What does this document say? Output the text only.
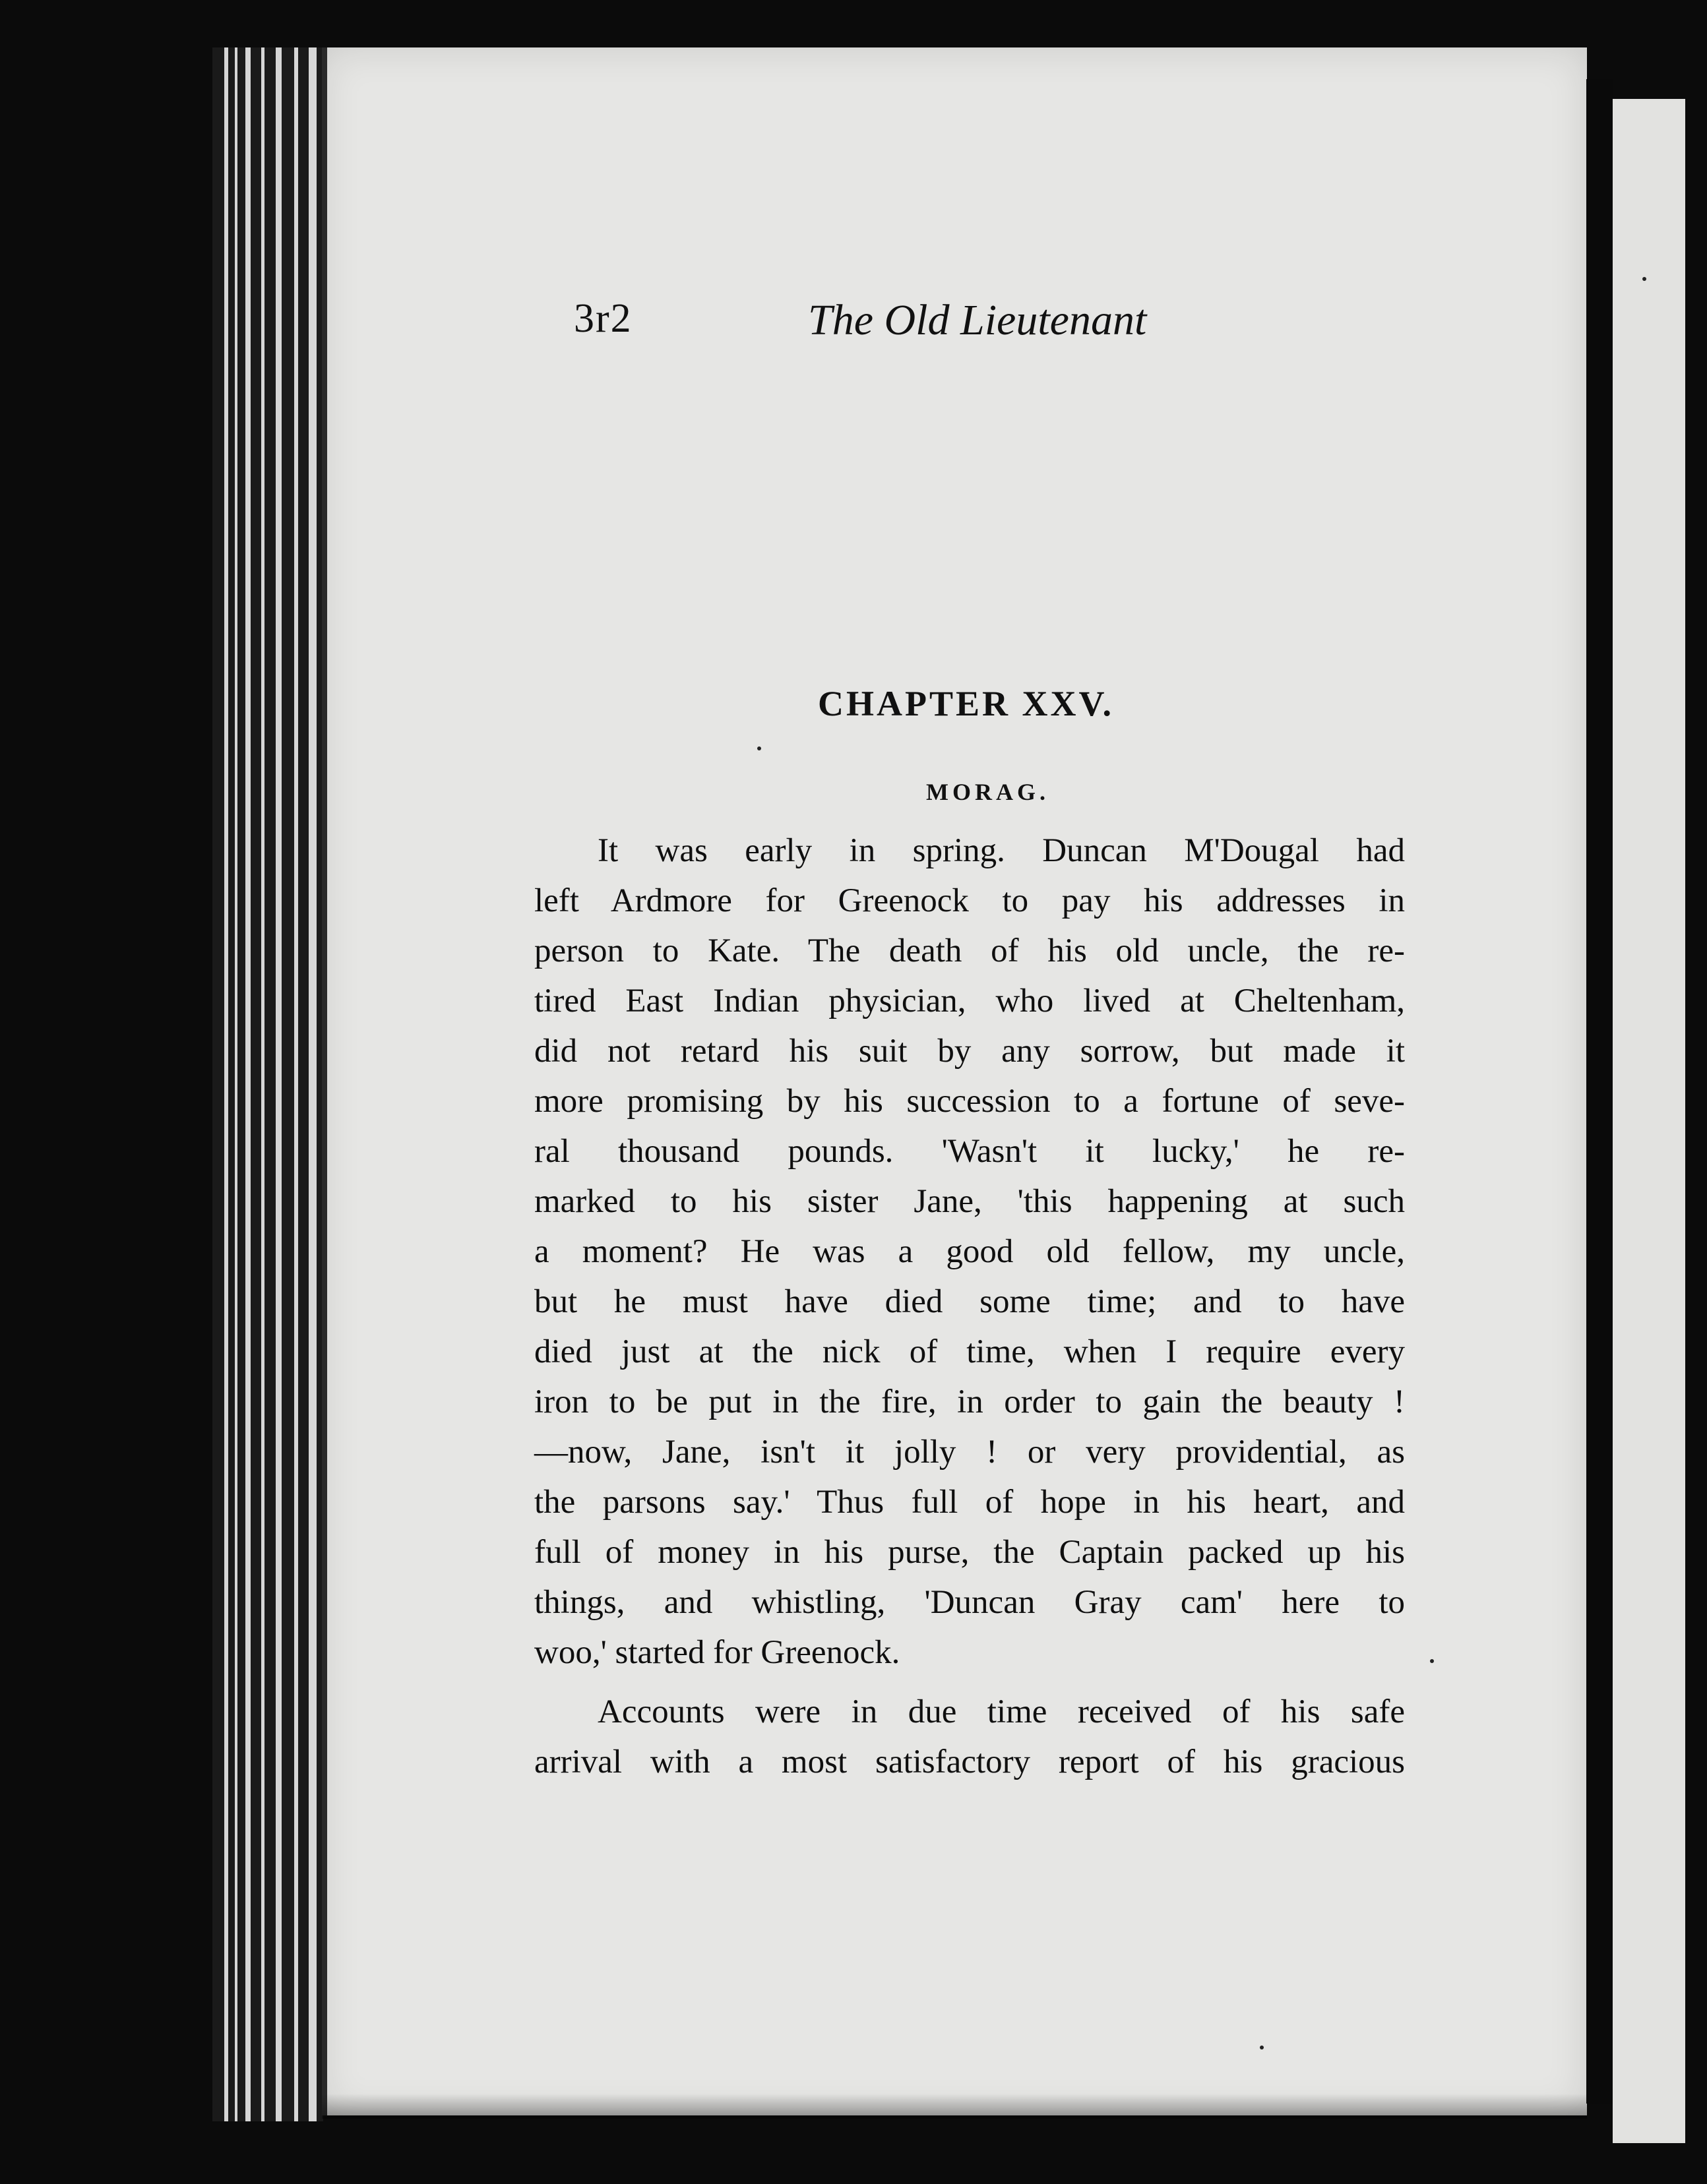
3r2	The Old Lieutenant
CHAPTER XXV.
MORAG.

It was early in spring. Duncan M'Dougal had
left Ardmore for Greenock to pay his addresses in
person to Kate. The death of his old uncle, the re-
tired East Indian physician, who lived at Cheltenham,
did not retard his suit by any sorrow, but made it
more promising by his succession to a fortune of seve-
ral thousand pounds. 'Wasn't it lucky,' he re-
marked to his sister Jane, 'this happening at such
a moment? He was a good old fellow, my uncle,
but he must have died some time; and to have
died just at the nick of time, when I require every
iron to be put in the fire, in order to gain the beauty !
—now, Jane, isn't it jolly ! or very providential, as
the parsons say.' Thus full of hope in his heart, and
full of money in his purse, the Captain packed up his
things, and whistling, 'Duncan Gray cam' here to
woo,' started for Greenock.

Accounts were in due time received of his safe
arrival with a most satisfactory report of his gracious
